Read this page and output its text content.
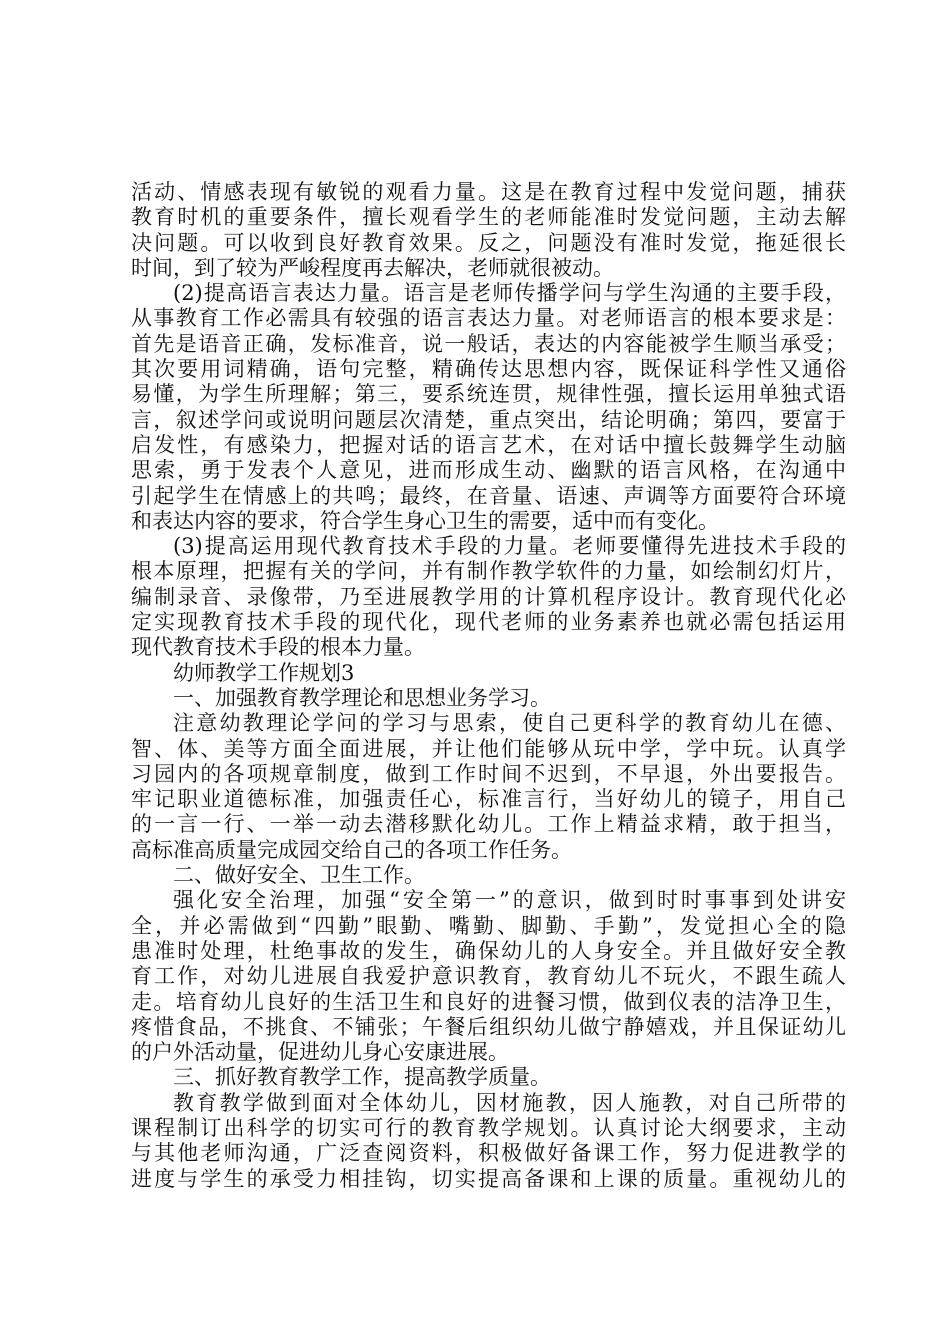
活动、情感表现有敏锐的观看力量。这是在教育过程中发觉问题，捕获
教育时机的重要条件，擅长观看学生的老师能准时发觉问题，主动去解
决问题。可以收到良好教育效果。反之，问题没有准时发觉，拖延很长
时间，到了较为严峻程度再去解决，老师就很被动。
(2)提高语言表达力量。语言是老师传播学问与学生沟通的主要手段，
从事教育工作必需具有较强的语言表达力量。对老师语言的根本要求是：
首先是语音正确，发标准音，说一般话，表达的内容能被学生顺当承受；
其次要用词精确，语句完整，精确传达思想内容，既保证科学性又通俗
易懂，为学生所理解；第三，要系统连贯，规律性强，擅长运用单独式语
言，叙述学问或说明问题层次清楚，重点突出，结论明确；第四，要富于
启发性，有感染力，把握对话的语言艺术，在对话中擅长鼓舞学生动脑
思索，勇于发表个人意见，进而形成生动、幽默的语言风格，在沟通中
引起学生在情感上的共鸣；最终，在音量、语速、声调等方面要符合环境
和表达内容的要求，符合学生身心卫生的需要，适中而有变化。
(3)提高运用现代教育技术手段的力量。老师要懂得先进技术手段的
根本原理，把握有关的学问，并有制作教学软件的力量，如绘制幻灯片，
编制录音、录像带，乃至进展教学用的计算机程序设计。教育现代化必
定实现教育技术手段的现代化，现代老师的业务素养也就必需包括运用
现代教育技术手段的根本力量。
幼师教学工作规划3
一、加强教育教学理论和思想业务学习。
注意幼教理论学问的学习与思索，使自己更科学的教育幼儿在德、
智、体、美等方面全面进展，并让他们能够从玩中学，学中玩。认真学
习园内的各项规章制度，做到工作时间不迟到，不早退，外出要报告。
牢记职业道德标准，加强责任心，标准言行，当好幼儿的镜子，用自己
的一言一行、一举一动去潜移默化幼儿。工作上精益求精，敢于担当，
高标准高质量完成园交给自己的各项工作任务。
二、做好安全、卫生工作。
强化安全治理，加强“安全第一”的意识，做到时时事事到处讲安
全，并必需做到“四勤”眼勤、嘴勤、脚勤、手勤”，发觉担心全的隐
患准时处理，杜绝事故的发生，确保幼儿的人身安全。并且做好安全教
育工作，对幼儿进展自我爱护意识教育，教育幼儿不玩火，不跟生疏人
走。培育幼儿良好的生活卫生和良好的进餐习惯，做到仪表的洁净卫生，
疼惜食品，不挑食、不铺张；午餐后组织幼儿做宁静嬉戏，并且保证幼儿
的户外活动量，促进幼儿身心安康进展。
三、抓好教育教学工作，提高教学质量。
教育教学做到面对全体幼儿，因材施教，因人施教，对自己所带的
课程制订出科学的切实可行的教育教学规划。认真讨论大纲要求，主动
与其他老师沟通，广泛查阅资料，积极做好备课工作，努力促进教学的
进度与学生的承受力相挂钩，切实提高备课和上课的质量。重视幼儿的
